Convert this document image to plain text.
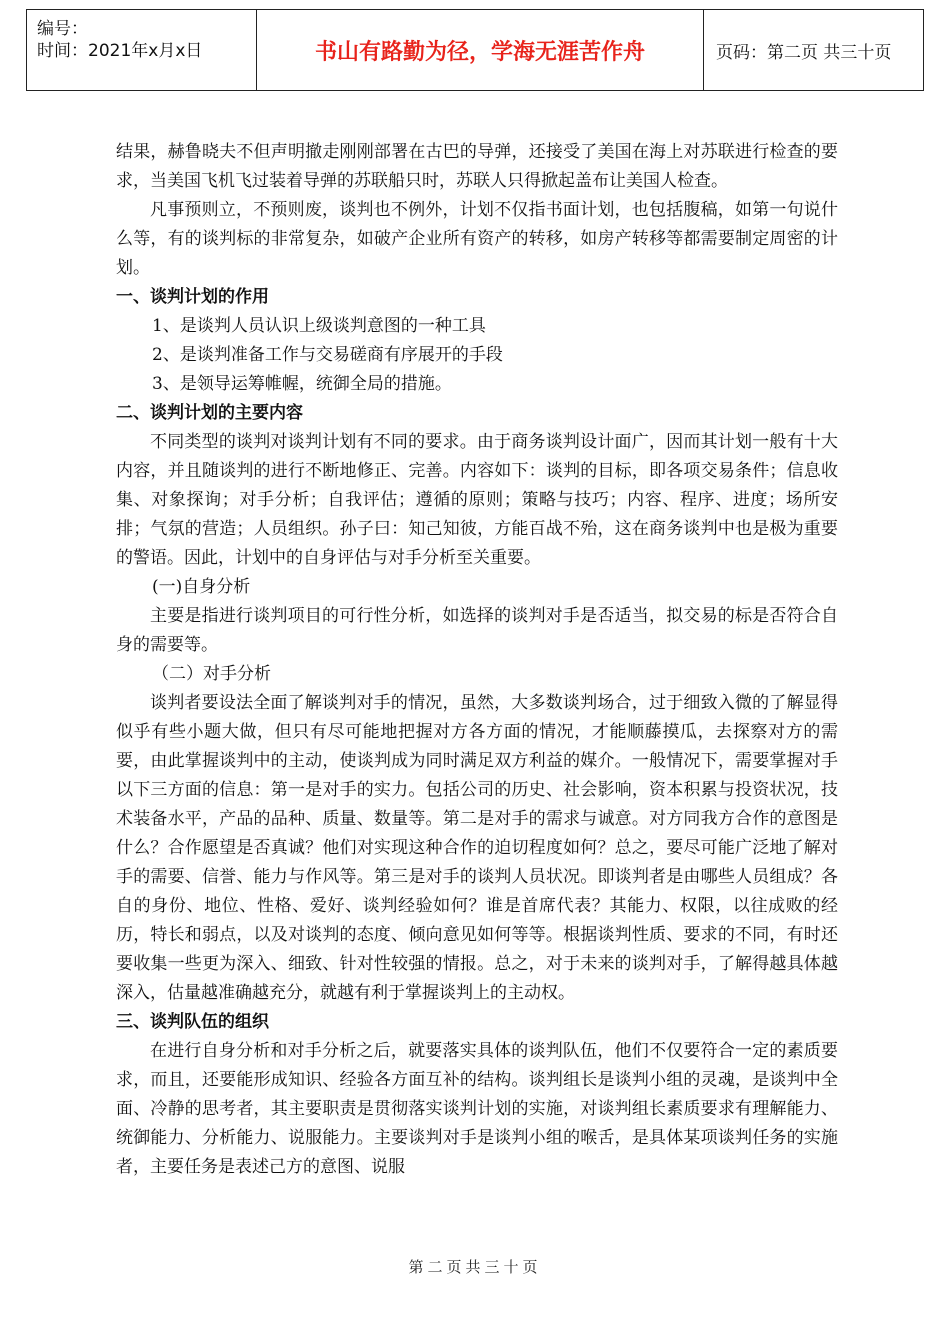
编号：
时间：2021年x月x日	书山有路勤为径，学海无涯苦作舟	页码：第二页 共三十页

结果，赫鲁晓夫不但声明撤走刚刚部署在古巴的导弹，还接受了美国在海上对苏联进行检查的要求，当美国飞机飞过装着导弹的苏联船只时，苏联人只得掀起盖布让美国人检查。

凡事预则立，不预则废，谈判也不例外，计划不仅指书面计划，也包括腹稿，如第一句说什么等，有的谈判标的非常复杂，如破产企业所有资产的转移，如房产转移等都需要制定周密的计划。

一、谈判计划的作用

1、是谈判人员认识上级谈判意图的一种工具

2、是谈判准备工作与交易磋商有序展开的手段

3、是领导运筹帷幄，统御全局的措施。

二、谈判计划的主要内容

不同类型的谈判对谈判计划有不同的要求。由于商务谈判设计面广，因而其计划一般有十大内容，并且随谈判的进行不断地修正、完善。内容如下：谈判的目标，即各项交易条件；信息收集、对象探询；对手分析；自我评估；遵循的原则；策略与技巧；内容、程序、进度；场所安排；气氛的营造；人员组织。孙子曰：知己知彼，方能百战不殆，这在商务谈判中也是极为重要的警语。因此，计划中的自身评估与对手分析至关重要。

(一)自身分析

主要是指进行谈判项目的可行性分析，如选择的谈判对手是否适当，拟交易的标是否符合自身的需要等。

（二）对手分析

谈判者要设法全面了解谈判对手的情况，虽然，大多数谈判场合，过于细致入微的了解显得似乎有些小题大做，但只有尽可能地把握对方各方面的情况，才能顺藤摸瓜，去探察对方的需要，由此掌握谈判中的主动，使谈判成为同时满足双方利益的媒介。一般情况下，需要掌握对手以下三方面的信息：第一是对手的实力。包括公司的历史、社会影响，资本积累与投资状况，技术装备水平，产品的品种、质量、数量等。第二是对手的需求与诚意。对方同我方合作的意图是什么？合作愿望是否真诚？他们对实现这种合作的迫切程度如何？总之，要尽可能广泛地了解对手的需要、信誉、能力与作风等。第三是对手的谈判人员状况。即谈判者是由哪些人员组成？各自的身份、地位、性格、爱好、谈判经验如何？谁是首席代表？其能力、权限，以往成败的经历，特长和弱点，以及对谈判的态度、倾向意见如何等等。根据谈判性质、要求的不同，有时还要收集一些更为深入、细致、针对性较强的情报。总之，对于未来的谈判对手，了解得越具体越深入，估量越准确越充分，就越有利于掌握谈判上的主动权。

三、谈判队伍的组织

在进行自身分析和对手分析之后，就要落实具体的谈判队伍，他们不仅要符合一定的素质要求，而且，还要能形成知识、经验各方面互补的结构。谈判组长是谈判小组的灵魂，是谈判中全面、冷静的思考者，其主要职责是贯彻落实谈判计划的实施，对谈判组长素质要求有理解能力、统御能力、分析能力、说服能力。主要谈判对手是谈判小组的喉舌，是具体某项谈判任务的实施者，主要任务是表述己方的意图、说服

第二页共三十页
